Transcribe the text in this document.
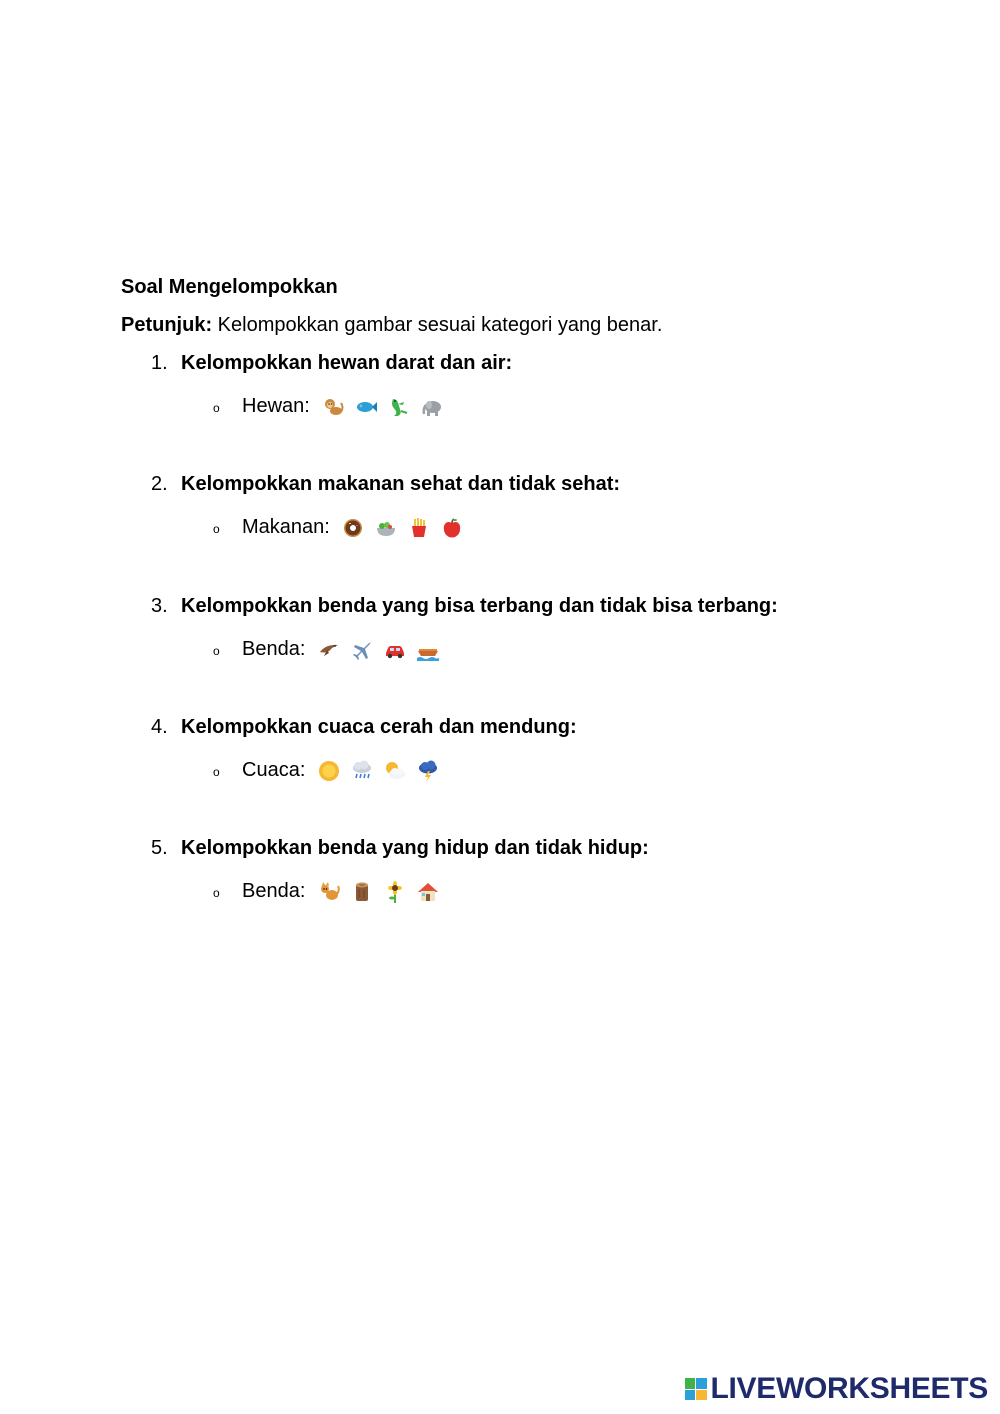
Soal Mengelompokkan
Petunjuk: Kelompokkan gambar sesuai kategori yang benar.
1. Kelompokkan hewan darat dan air:
o Hewan:
2. Kelompokkan makanan sehat dan tidak sehat:
o Makanan:
3. Kelompokkan benda yang bisa terbang dan tidak bisa terbang:
o Benda:
4. Kelompokkan cuaca cerah dan mendung:
o Cuaca:
5. Kelompokkan benda yang hidup dan tidak hidup:
o Benda:
LIVEWORKSHEETS
